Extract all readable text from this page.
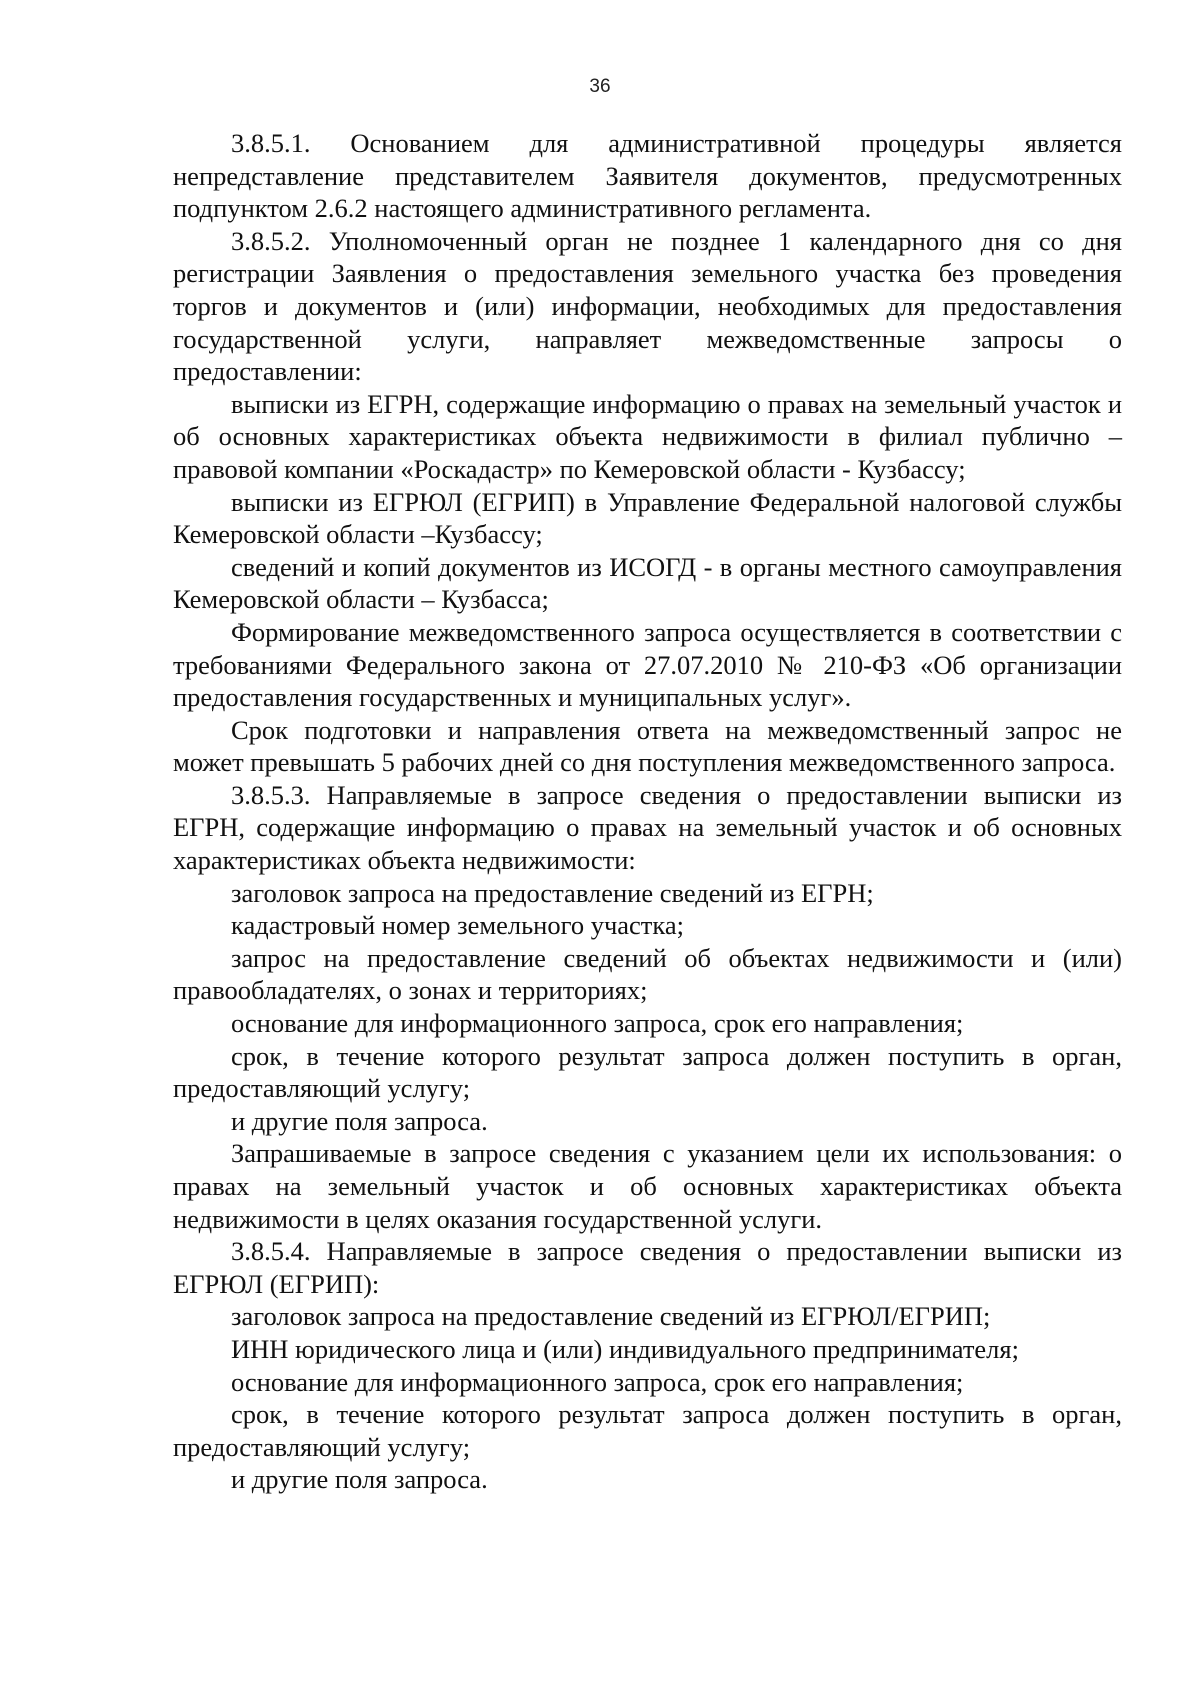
36

3.8.5.1. Основанием для административной процедуры является непредставление представителем Заявителя документов, предусмотренных подпунктом 2.6.2 настоящего административного регламента.

3.8.5.2. Уполномоченный орган не позднее 1 календарного дня со дня регистрации Заявления о предоставления земельного участка без проведения торгов и документов и (или) информации, необходимых для предоставления государственной услуги, направляет межведомственные запросы о предоставлении:

выписки из ЕГРН, содержащие информацию о правах на земельный участок и об основных характеристиках объекта недвижимости в филиал публично – правовой компании «Роскадастр» по Кемеровской области - Кузбассу;

выписки из ЕГРЮЛ (ЕГРИП) в Управление Федеральной налоговой службы Кемеровской области –Кузбассу;

сведений и копий документов из ИСОГД - в органы местного самоуправления Кемеровской области – Кузбасса;

Формирование межведомственного запроса осуществляется в соответствии с требованиями Федерального закона от 27.07.2010 № 210-ФЗ «Об организации предоставления государственных и муниципальных услуг».

Срок подготовки и направления ответа на межведомственный запрос не может превышать 5 рабочих дней со дня поступления межведомственного запроса.

3.8.5.3. Направляемые в запросе сведения о предоставлении выписки из ЕГРН, содержащие информацию о правах на земельный участок и об основных характеристиках объекта недвижимости:

заголовок запроса на предоставление сведений из ЕГРН;

кадастровый номер земельного участка;

запрос на предоставление сведений об объектах недвижимости и (или) правообладателях, о зонах и территориях;

основание для информационного запроса, срок его направления;

срок, в течение которого результат запроса должен поступить в орган, предоставляющий услугу;

и другие поля запроса.

Запрашиваемые в запросе сведения с указанием цели их использования: о правах на земельный участок и об основных характеристиках объекта недвижимости в целях оказания государственной услуги.

3.8.5.4. Направляемые в запросе сведения о предоставлении выписки из ЕГРЮЛ (ЕГРИП):

заголовок запроса на предоставление сведений из ЕГРЮЛ/ЕГРИП;

ИНН юридического лица и (или) индивидуального предпринимателя;

основание для информационного запроса, срок его направления;

срок, в течение которого результат запроса должен поступить в орган, предоставляющий услугу;

и другие поля запроса.
